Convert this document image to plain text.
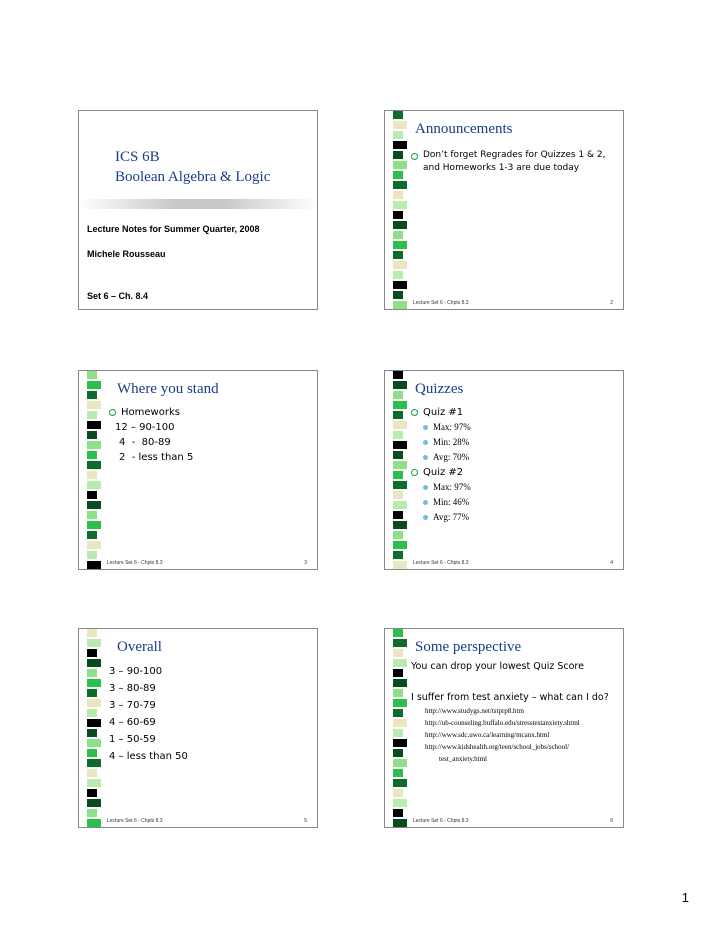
ICS 6B
Boolean Algebra & Logic
Lecture Notes for Summer Quarter, 2008
Michele Rousseau
Set 6 – Ch. 8.4
Announcements
Don’t forget Regrades for Quizzes 1 & 2,
and Homeworks 1-3 are due today
Lecture Set 6 - Chpts 8.3	2
Where you stand
Homeworks
12 – 90-100
4  -  80-89
2  - less than 5
Lecture Set 6 - Chpts 8.3	3
Quizzes
Quiz #1
Max: 97%
Min: 28%
Avg: 70%
Quiz #2
Max: 97%
Min: 46%
Avg: 77%
Lecture Set 6 - Chpts 8.3	4
Overall
3 – 90-100
3 – 80-89
3 – 70-79
4 – 60-69
1 – 50-59
4 – less than 50
Lecture Set 6 - Chpts 8.3	5
Some perspective
You can drop your lowest Quiz Score
I suffer from test anxiety – what can I do?
http://www.studygs.net/tstprp8.htm
http://ub-counseling.buffalo.edu/stresstestanxiety.shtml
http://www.sdc.uwo.ca/learning/mcanx.html
http://www.kidshealth.org/teen/school_jobs/school/
test_anxiety.html
Lecture Set 6 - Chpts 8.3	6
1
